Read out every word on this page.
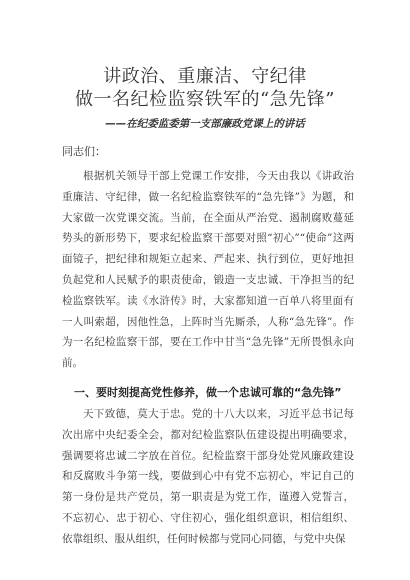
讲政治、重廉洁、守纪律
做一名纪检监察铁军的“急先锋”
——在纪委监委第一支部廉政党课上的讲话
同志们：

根据机关领导干部上党课工作安排，今天由我以《讲政治重廉洁、守纪律，做一名纪检监察铁军的“急先锋”》为题，和大家做一次党课交流。当前，在全面从严治党、遏制腐败蔓延势头的新形势下，要求纪检监察干部要对照“初心”“使命”这两面镜子，把纪律和规矩立起来、严起来、执行到位，更好地担负起党和人民赋予的职责使命，锻造一支忠诚、干净担当的纪检监察铁军。读《水浒传》时，大家都知道一百单八将里面有一人叫索超，因他性急，上阵时当先厮杀，人称“急先锋”。作为一名纪检监察干部，要在工作中甘当“急先锋”无所畏惧永向前。

一、要时刻提高党性修养，做一个忠诚可靠的“急先锋”

天下致德，莫大于忠。党的十八大以来，习近平总书记每次出席中央纪委全会，都对纪检监察队伍建设提出明确要求，强调要将忠诚二字放在首位。纪检监察干部身处党风廉政建设和反腐败斗争第一线，要做到心中有党不忘初心，牢记自己的第一身份是共产党员，第一职责是为党工作，谨遵入党誓言，不忘初心、忠于初心、守住初心，强化组织意识，相信组织、依靠组织、服从组织，任何时候都与党同心同德，与党中央保
